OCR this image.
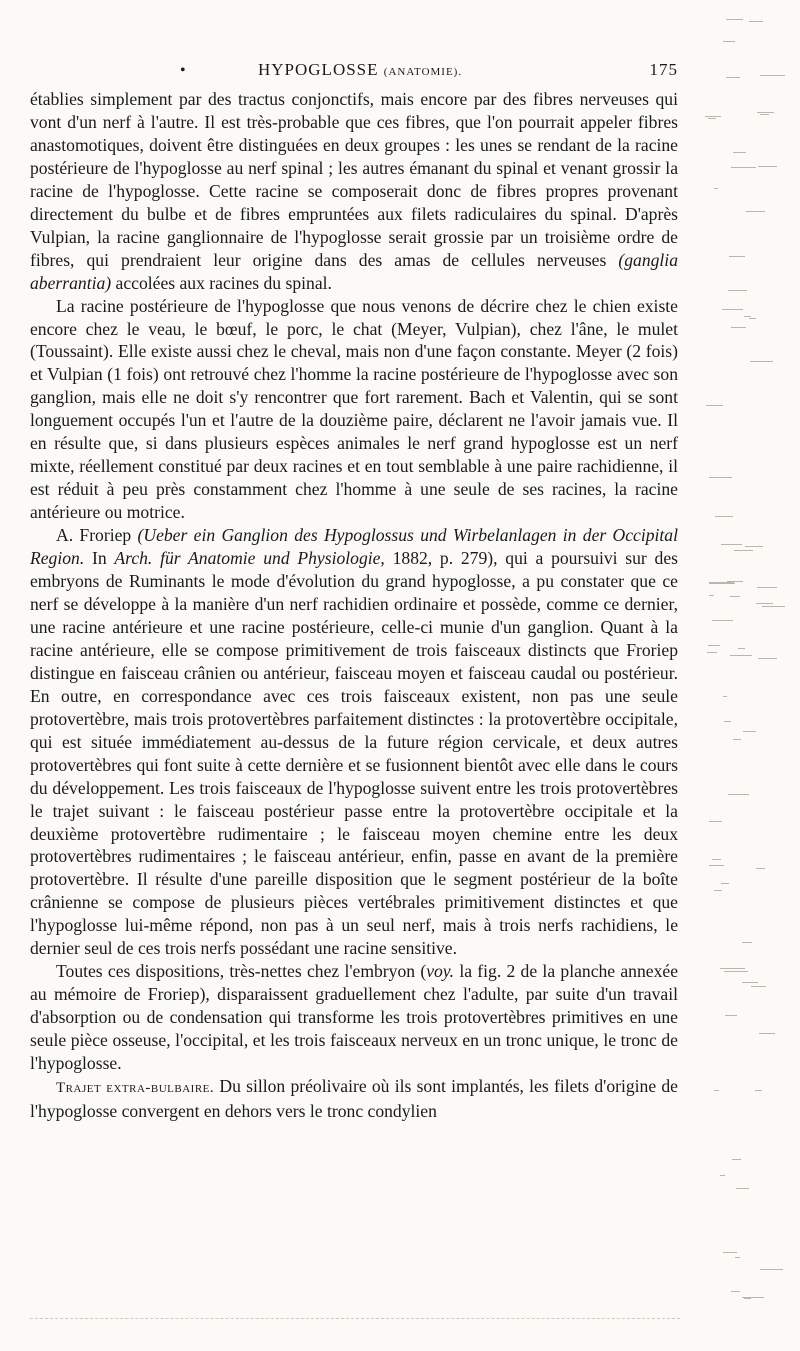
•	HYPOGLOSSE (ANATOMIE).	175

établies simplement par des tractus conjonctifs, mais encore par des fibres nerveuses qui vont d'un nerf à l'autre. Il est très-probable que ces fibres, que l'on pourrait appeler fibres anastomotiques, doivent être distinguées en deux groupes : les unes se rendant de la racine postérieure de l'hypoglosse au nerf spinal ; les autres émanant du spinal et venant grossir la racine de l'hypoglosse. Cette racine se composerait donc de fibres propres provenant directement du bulbe et de fibres empruntées aux filets radiculaires du spinal. D'après Vulpian, la racine ganglionnaire de l'hypoglosse serait grossie par un troisième ordre de fibres, qui prendraient leur origine dans des amas de cellules nerveuses (ganglia aberrantia) accolées aux racines du spinal.

La racine postérieure de l'hypoglosse que nous venons de décrire chez le chien existe encore chez le veau, le bœuf, le porc, le chat (Meyer, Vulpian), chez l'âne, le mulet (Toussaint). Elle existe aussi chez le cheval, mais non d'une façon constante. Meyer (2 fois) et Vulpian (1 fois) ont retrouvé chez l'homme la racine postérieure de l'hypoglosse avec son ganglion, mais elle ne doit s'y rencontrer que fort rarement. Bach et Valentin, qui se sont longuement occupés l'un et l'autre de la douzième paire, déclarent ne l'avoir jamais vue. Il en résulte que, si dans plusieurs espèces animales le nerf grand hypoglosse est un nerf mixte, réellement constitué par deux racines et en tout semblable à une paire rachidienne, il est réduit à peu près constamment chez l'homme à une seule de ses racines, la racine antérieure ou motrice.

A. Froriep (Ueber ein Ganglion des Hypoglossus und Wirbelanlagen in der Occipital Region. In Arch. für Anatomie und Physiologie, 1882, p. 279), qui a poursuivi sur des embryons de Ruminants le mode d'évolution du grand hypoglosse, a pu constater que ce nerf se développe à la manière d'un nerf rachidien ordinaire et possède, comme ce dernier, une racine antérieure et une racine postérieure, celle-ci munie d'un ganglion. Quant à la racine antérieure, elle se compose primitivement de trois faisceaux distincts que Froriep distingue en faisceau crânien ou antérieur, faisceau moyen et faisceau caudal ou postérieur. En outre, en correspondance avec ces trois faisceaux existent, non pas une seule protovertèbre, mais trois protovertèbres parfaitement distinctes : la protovertèbre occipitale, qui est située immédiatement au-dessus de la future région cervicale, et deux autres protovertèbres qui font suite à cette dernière et se fusionnent bientôt avec elle dans le cours du développement. Les trois faisceaux de l'hypoglosse suivent entre les trois protovertèbres le trajet suivant : le faisceau postérieur passe entre la protovertèbre occipitale et la deuxième protovertèbre rudimentaire ; le faisceau moyen chemine entre les deux protovertèbres rudimentaires ; le faisceau antérieur, enfin, passe en avant de la première protovertèbre. Il résulte d'une pareille disposition que le segment postérieur de la boîte crânienne se compose de plusieurs pièces vertébrales primitivement distinctes et que l'hypoglosse lui-même répond, non pas à un seul nerf, mais à trois nerfs rachidiens, le dernier seul de ces trois nerfs possédant une racine sensitive.

Toutes ces dispositions, très-nettes chez l'embryon (voy. la fig. 2 de la planche annexée au mémoire de Froriep), disparaissent graduellement chez l'adulte, par suite d'un travail d'absorption ou de condensation qui transforme les trois protovertèbres primitives en une seule pièce osseuse, l'occipital, et les trois faisceaux nerveux en un tronc unique, le tronc de l'hypoglosse.

Trajet extra-bulbaire. Du sillon préolivaire où ils sont implantés, les filets d'origine de l'hypoglosse convergent en dehors vers le tronc condylien
